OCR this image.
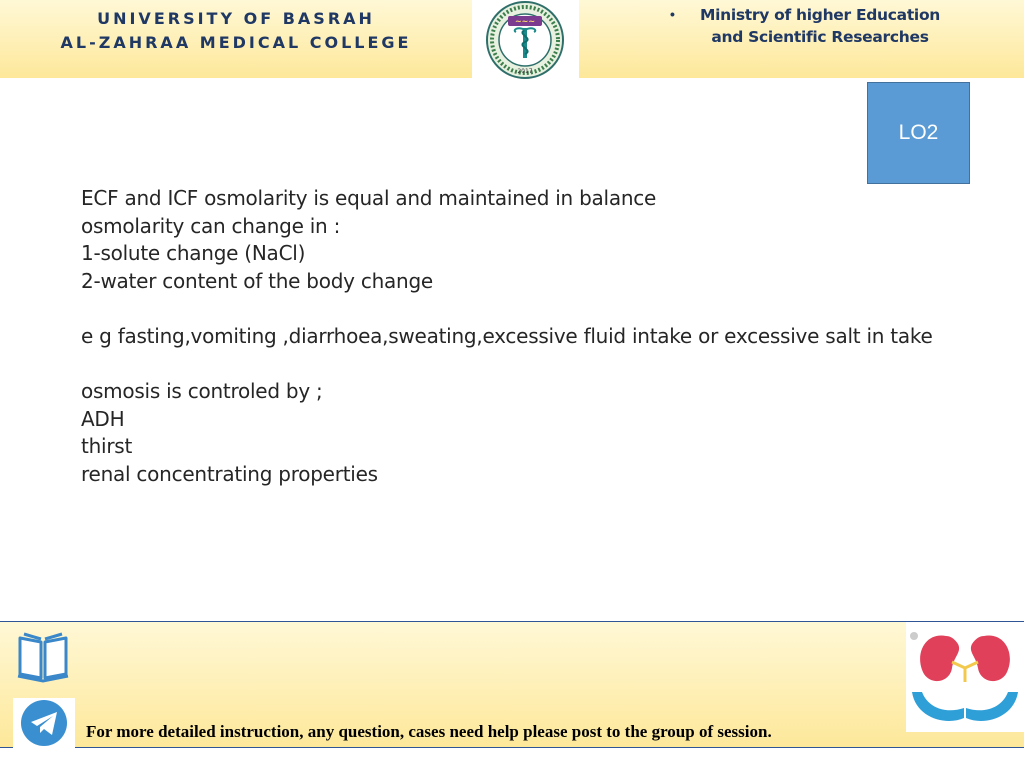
UNIVERSITY OF BASRAH
AL-ZAHRAA MEDICAL COLLEGE
~~~
2017
•	Ministry of higher Education
and Scientific Researches
LO2

ECF and ICF osmolarity is equal and maintained in balance

osmolarity can change in :

1-solute change (NaCl)

2-water content of the body change

e g fasting,vomiting ,diarrhoea,sweating,excessive fluid intake or excessive salt in take

osmosis is controled by ;

ADH

thirst

renal concentrating properties

For more detailed instruction, any question, cases need help please post to the group of session.
